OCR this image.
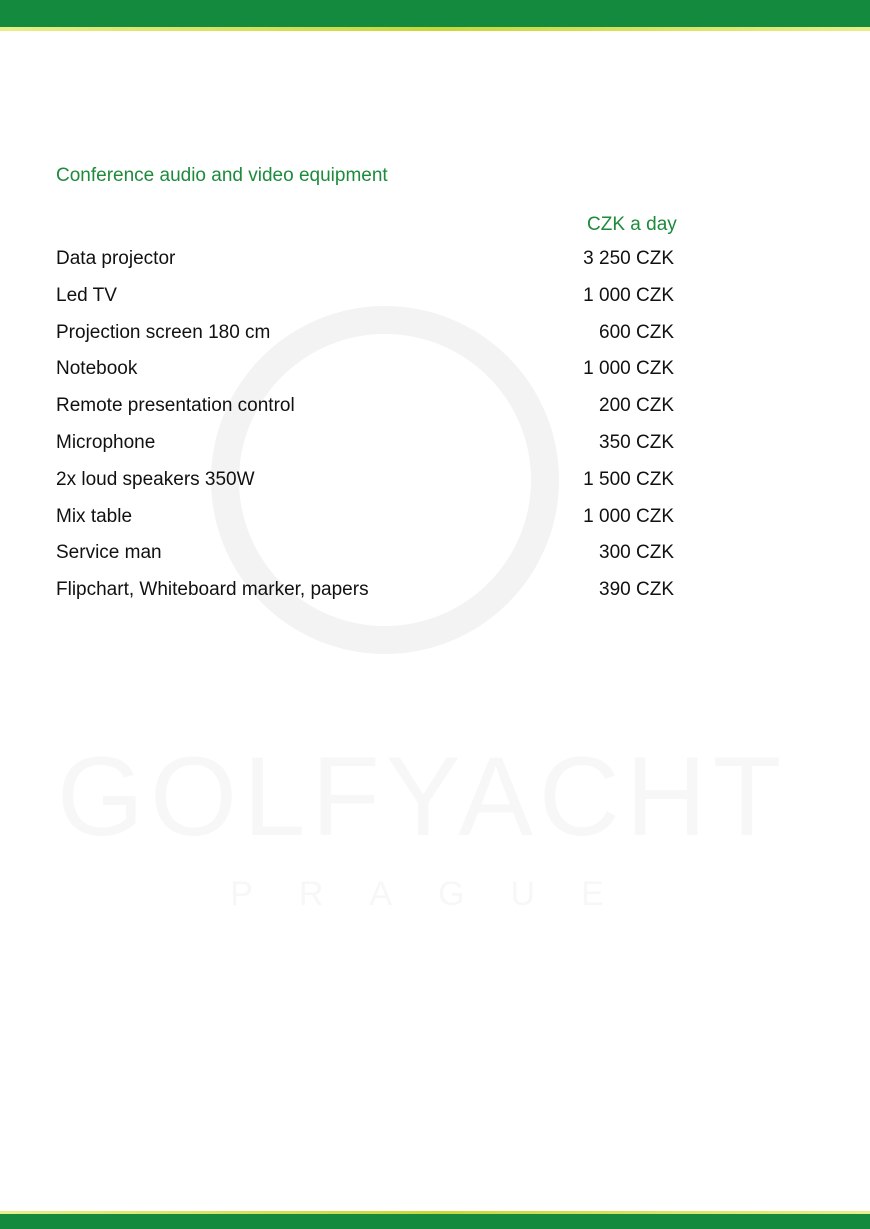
GOLFYACHT
PRAGUE
Conference audio and video equipment
CZK a day
Data projector	3 250 CZK
Led TV	1 000 CZK
Projection screen 180 cm	600 CZK
Notebook	1 000 CZK
Remote presentation control	200 CZK
Microphone	350 CZK
2x loud speakers 350W	1 500 CZK
Mix table	1 000 CZK
Service man	300 CZK
Flipchart, Whiteboard marker, papers	390 CZK
